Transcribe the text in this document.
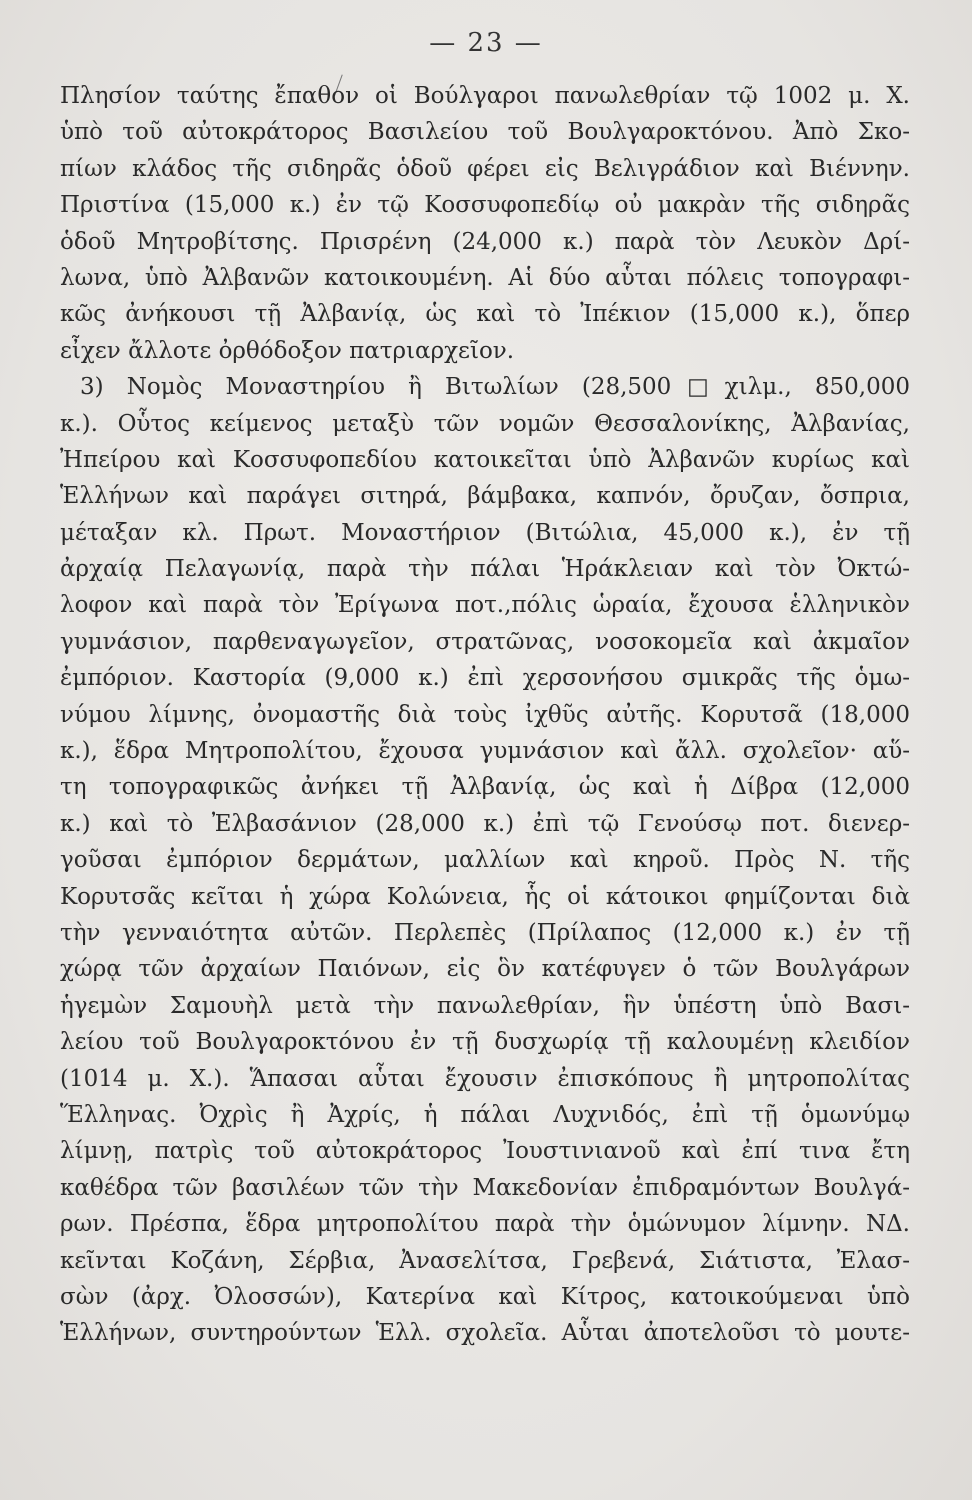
— 23 —
Πλησίον ταύτης ἔπαθον οἱ Βούλγαροι πανωλεθρίαν τῷ 1002 μ. Χ.
ὑπὸ τοῦ αὐτοκράτορος Βασιλείου τοῦ Βουλγαροκτόνου. Ἀπὸ Σκο-
πίων κλάδος τῆς σιδηρᾶς ὁδοῦ φέρει εἰς Βελιγράδιον καὶ Βιέννην.
Πριστίνα (15,000 κ.) ἐν τῷ Κοσσυφοπεδίῳ οὐ μακρὰν τῆς σιδηρᾶς
ὁδοῦ Μητροβίτσης. Πρισρένη (24,000 κ.) παρὰ τὸν Λευκὸν Δρί-
λωνα, ὑπὸ Ἀλβανῶν κατοικουμένη. Αἱ δύο αὗται πόλεις τοπογραφι-
κῶς ἀνήκουσι τῇ Ἀλβανίᾳ, ὡς καὶ τὸ Ἰπέκιον (15,000 κ.), ὅπερ
εἶχεν ἄλλοτε ὀρθόδοξον πατριαρχεῖον.
3) Νομὸς Μοναστηρίου ἢ Βιτωλίων (28,500□χιλμ., 850,000
κ.). Οὗτος κείμενος μεταξὺ τῶν νομῶν Θεσσαλονίκης, Ἀλβανίας,
Ἠπείρου καὶ Κοσσυφοπεδίου κατοικεῖται ὑπὸ Ἀλβανῶν κυρίως καὶ
Ἑλλήνων καὶ παράγει σιτηρά, βάμβακα, καπνόν, ὄρυζαν, ὄσπρια,
μέταξαν κλ. Πρωτ. Μοναστήριον (Βιτώλια, 45,000 κ.), ἐν τῇ
ἀρχαίᾳ Πελαγωνίᾳ, παρὰ τὴν πάλαι Ἡράκλειαν καὶ τὸν Ὀκτώ-
λοφον καὶ παρὰ τὸν Ἐρίγωνα ποτ.,πόλις ὡραία, ἔχουσα ἑλληνικὸν
γυμνάσιον, παρθεναγωγεῖον, στρατῶνας, νοσοκομεῖα καὶ ἀκμαῖον
ἐμπόριον. Καστορία (9,000 κ.) ἐπὶ χερσονήσου σμικρᾶς τῆς ὁμω-
νύμου λίμνης, ὀνομαστῆς διὰ τοὺς ἰχθῦς αὐτῆς. Κορυτσᾶ (18,000
κ.), ἕδρα Μητροπολίτου, ἔχουσα γυμνάσιον καὶ ἄλλ. σχολεῖον· αὕ-
τη τοπογραφικῶς ἀνήκει τῇ Ἀλβανίᾳ, ὡς καὶ ἡ Δίβρα (12,000
κ.) καὶ τὸ Ἐλβασάνιον (28,000 κ.) ἐπὶ τῷ Γενούσῳ ποτ. διενερ-
γοῦσαι ἐμπόριον δερμάτων, μαλλίων καὶ κηροῦ. Πρὸς Ν. τῆς
Κορυτσᾶς κεῖται ἡ χώρα Κολώνεια, ἧς οἱ κάτοικοι φημίζονται διὰ
τὴν γενναιότητα αὐτῶν. Περλεπὲς (Πρίλαπος (12,000 κ.) ἐν τῇ
χώρᾳ τῶν ἀρχαίων Παιόνων, εἰς ὃν κατέφυγεν ὁ τῶν Βουλγάρων
ἡγεμὼν Σαμουὴλ μετὰ τὴν πανωλεθρίαν, ἣν ὑπέστη ὑπὸ Βασι-
λείου τοῦ Βουλγαροκτόνου ἐν τῇ δυσχωρίᾳ τῇ καλουμένῃ κλειδίον
(1014 μ. Χ.). Ἅπασαι αὗται ἔχουσιν ἐπισκόπους ἢ μητροπολίτας
Ἕλληνας. Ὀχρὶς ἢ Ἀχρίς, ἡ πάλαι Λυχνιδός, ἐπὶ τῇ ὁμωνύμῳ
λίμνῃ, πατρὶς τοῦ αὐτοκράτορος Ἰουστινιανοῦ καὶ ἐπί τινα ἔτη
καθέδρα τῶν βασιλέων τῶν τὴν Μακεδονίαν ἐπιδραμόντων Βουλγά-
ρων. Πρέσπα, ἕδρα μητροπολίτου παρὰ τὴν ὁμώνυμον λίμνην. ΝΔ.
κεῖνται Κοζάνη, Σέρβια, Ἀνασελίτσα, Γρεβενά, Σιάτιστα, Ἐλασ-
σὼν (ἀρχ. Ὀλοσσών), Κατερίνα καὶ Κίτρος, κατοικούμεναι ὑπὸ
Ἑλλήνων, συντηρούντων Ἑλλ. σχολεῖα. Αὗται ἀποτελοῦσι τὸ μουτε-
